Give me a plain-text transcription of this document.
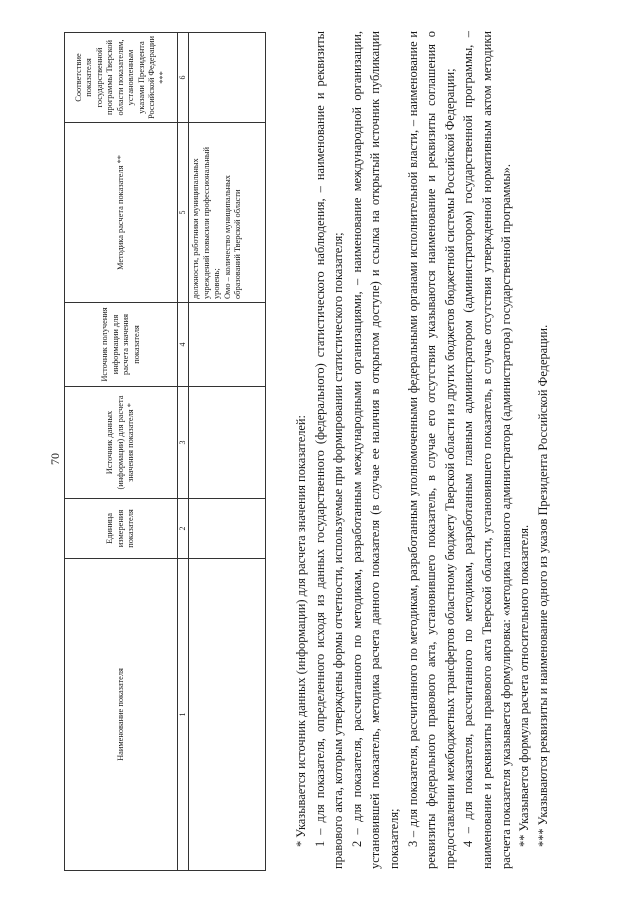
70
Наименование показателя	Единица измерения показателя	Источник данных (информации) для расчета значения показателя *	Источник получения информации для расчета значения показателя	Методика расчета показателя **	Соответствие показателя государственной программы Тверской области показателям, установленным указами Президента Российской Федерации ***
1	2	3	4	5	6

				должности, работники муниципальных учреждений повысили профессиональный уровень; Омо – количество муниципальных образований Тверской области	

* Указывается источник данных (информации) для расчета значения показателей: 1 – для показателя, определенного исходя из данных государственного (федерального) статистического наблюдения, – наименование и реквизиты правового акта, которым утверждены формы отчетности, используемые при формировании статистического показателя; 2 – для показателя, рассчитанного по методикам, разработанным международными организациями, – наименование международной организации, установившей показатель, методика расчета данного показателя (в случае ее наличия в открытом доступе) и ссылка на открытый источник публикации показателя; 3 – для показателя, рассчитанного по методикам, разработанным уполномоченными федеральными органами исполнительной власти, – наименование и реквизиты федерального правового акта, установившего показатель, в случае его отсутствия указываются наименование и реквизиты соглашения о предоставлении межбюджетных трансфертов областному бюджету Тверской области из других бюджетов бюджетной системы Российской Федерации; 4 – для показателя, рассчитанного по методикам, разработанным главным администратором (администратором) государственной программы, – наименование и реквизиты правового акта Тверской области, установившего показатель, в случае отсутствия утвержденной нормативным актом методики расчета показателя указывается формулировка: «методика главного администратора (администратора) государственной программы». ** Указывается формула расчета относительного показателя. *** Указываются реквизиты и наименование одного из указов Президента Российской Федерации.
